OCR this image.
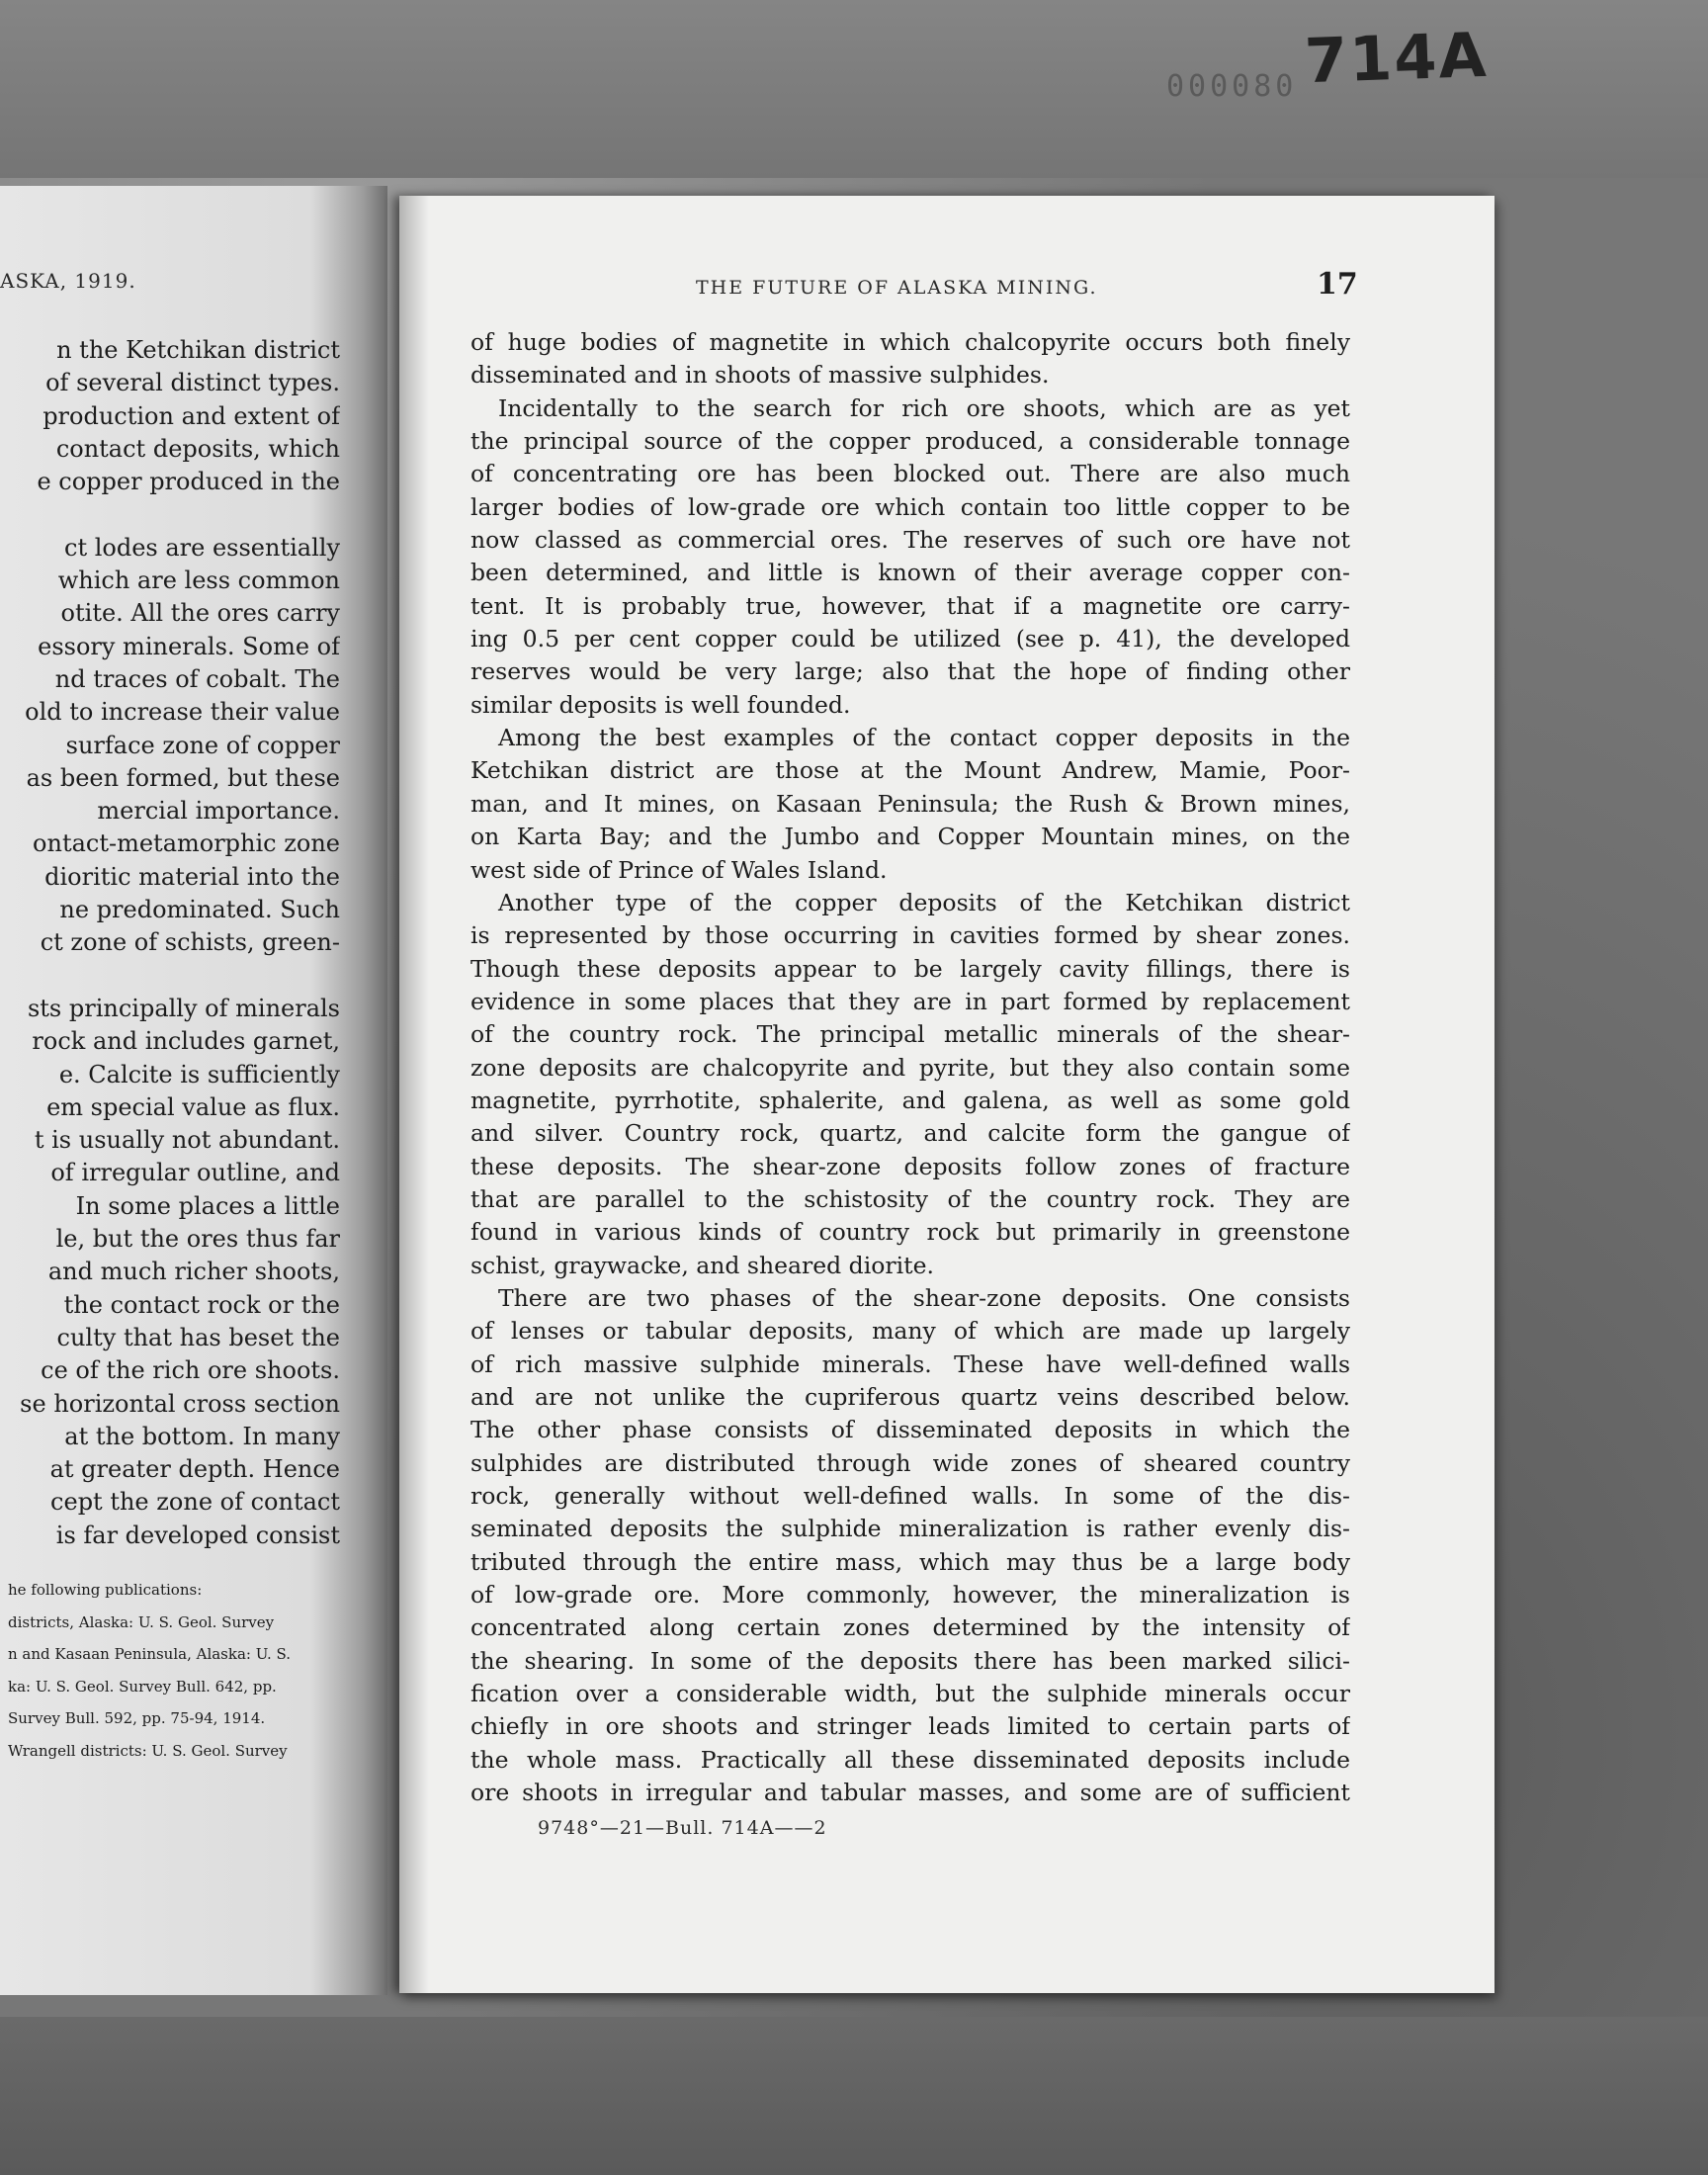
714A
000080
ASKA, 1919.
n the Ketchikan district
of several distinct types.
production and extent of
contact deposits, which
e copper produced in the
ct lodes are essentially
which are less common
otite. All the ores carry
essory minerals. Some of
nd traces of cobalt. The
old to increase their value
surface zone of copper
as been formed, but these
mercial importance.
ontact-metamorphic zone
dioritic material into the
ne predominated. Such
ct zone of schists, green-
sts principally of minerals
rock and includes garnet,
e. Calcite is sufficiently
em special value as flux.
t is usually not abundant.
of irregular outline, and
In some places a little
le, but the ores thus far
and much richer shoots,
the contact rock or the
culty that has beset the
ce of the rich ore shoots.
se horizontal cross section
at the bottom. In many
at greater depth. Hence
cept the zone of contact
is far developed consist
he following publications:
districts, Alaska: U. S. Geol. Survey
n and Kasaan Peninsula, Alaska: U. S.
ka: U. S. Geol. Survey Bull. 642, pp.
Survey Bull. 592, pp. 75-94, 1914.
Wrangell districts: U. S. Geol. Survey
THE FUTURE OF ALASKA MINING.	17
of huge bodies of magnetite in which chalcopyrite occurs both finely
disseminated and in shoots of massive sulphides.
Incidentally to the search for rich ore shoots, which are as yet
the principal source of the copper produced, a considerable tonnage
of concentrating ore has been blocked out. There are also much
larger bodies of low-grade ore which contain too little copper to be
now classed as commercial ores. The reserves of such ore have not
been determined, and little is known of their average copper con-
tent. It is probably true, however, that if a magnetite ore carry-
ing 0.5 per cent copper could be utilized (see p. 41), the developed
reserves would be very large; also that the hope of finding other
similar deposits is well founded.
Among the best examples of the contact copper deposits in the
Ketchikan district are those at the Mount Andrew, Mamie, Poor-
man, and It mines, on Kasaan Peninsula; the Rush & Brown mines,
on Karta Bay; and the Jumbo and Copper Mountain mines, on the
west side of Prince of Wales Island.
Another type of the copper deposits of the Ketchikan district
is represented by those occurring in cavities formed by shear zones.
Though these deposits appear to be largely cavity fillings, there is
evidence in some places that they are in part formed by replacement
of the country rock. The principal metallic minerals of the shear-
zone deposits are chalcopyrite and pyrite, but they also contain some
magnetite, pyrrhotite, sphalerite, and galena, as well as some gold
and silver. Country rock, quartz, and calcite form the gangue of
these deposits. The shear-zone deposits follow zones of fracture
that are parallel to the schistosity of the country rock. They are
found in various kinds of country rock but primarily in greenstone
schist, graywacke, and sheared diorite.
There are two phases of the shear-zone deposits. One consists
of lenses or tabular deposits, many of which are made up largely
of rich massive sulphide minerals. These have well-defined walls
and are not unlike the cupriferous quartz veins described below.
The other phase consists of disseminated deposits in which the
sulphides are distributed through wide zones of sheared country
rock, generally without well-defined walls. In some of the dis-
seminated deposits the sulphide mineralization is rather evenly dis-
tributed through the entire mass, which may thus be a large body
of low-grade ore. More commonly, however, the mineralization is
concentrated along certain zones determined by the intensity of
the shearing. In some of the deposits there has been marked silici-
fication over a considerable width, but the sulphide minerals occur
chiefly in ore shoots and stringer leads limited to certain parts of
the whole mass. Practically all these disseminated deposits include
ore shoots in irregular and tabular masses, and some are of sufficient
9748°—21—Bull. 714A——2
